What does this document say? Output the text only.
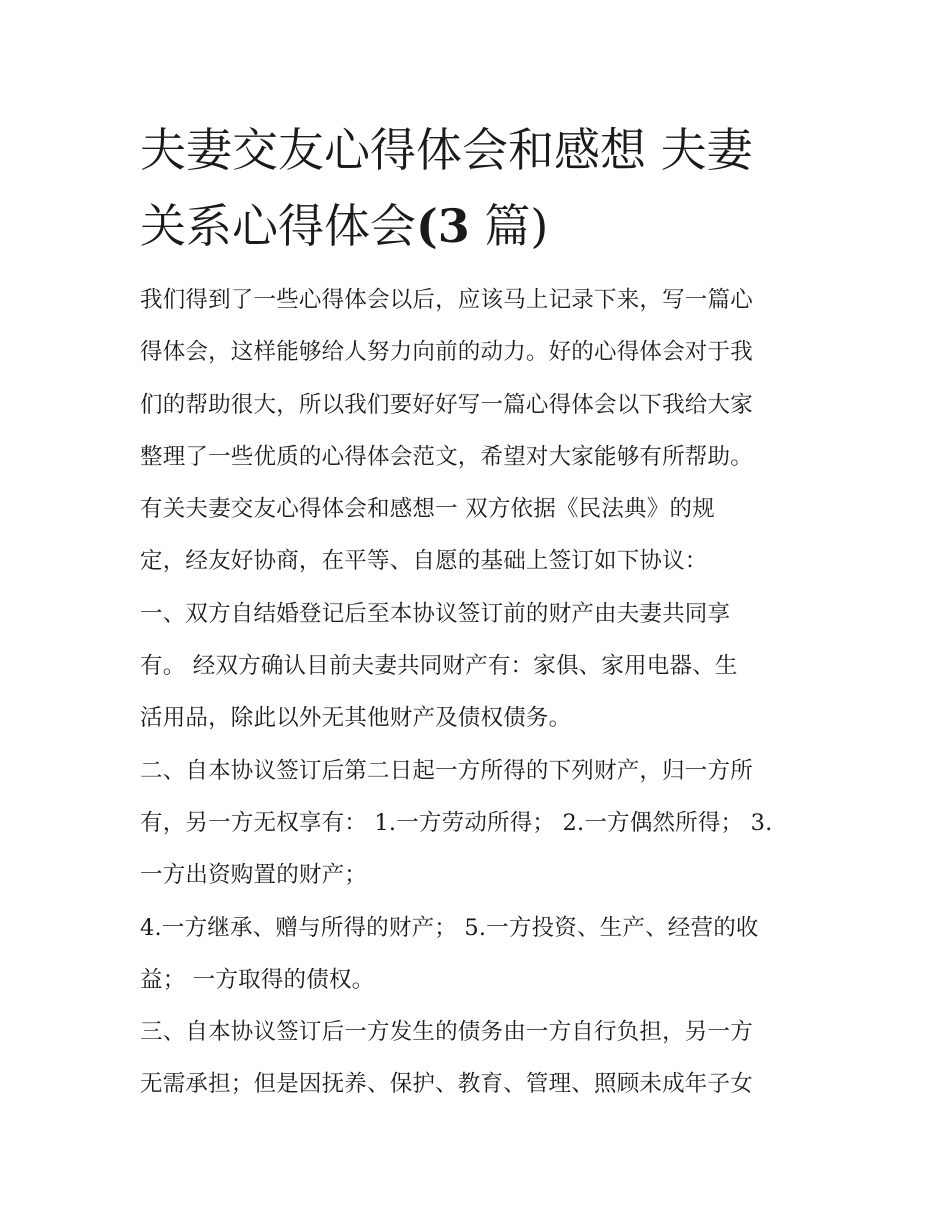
夫妻交友心得体会和感想 夫妻
关系心得体会(3 篇)
我们得到了一些心得体会以后，应该马上记录下来，写一篇心
得体会，这样能够给人努力向前的动力。好的心得体会对于我
们的帮助很大，所以我们要好好写一篇心得体会以下我给大家
整理了一些优质的心得体会范文，希望对大家能够有所帮助。
有关夫妻交友心得体会和感想一 双方依据《民法典》的规
定，经友好协商，在平等、自愿的基础上签订如下协议：
一、双方自结婚登记后至本协议签订前的财产由夫妻共同享
有。 经双方确认目前夫妻共同财产有：家俱、家用电器、生
活用品，除此以外无其他财产及债权债务。
二、自本协议签订后第二日起一方所得的下列财产，归一方所
有，另一方无权享有： 1.一方劳动所得； 2.一方偶然所得； 3.
一方出资购置的财产；
4.一方继承、赠与所得的财产； 5.一方投资、生产、经营的收
益； 一方取得的债权。
三、自本协议签订后一方发生的债务由一方自行负担，另一方
无需承担；但是因抚养、保护、教育、管理、照顾未成年子女
